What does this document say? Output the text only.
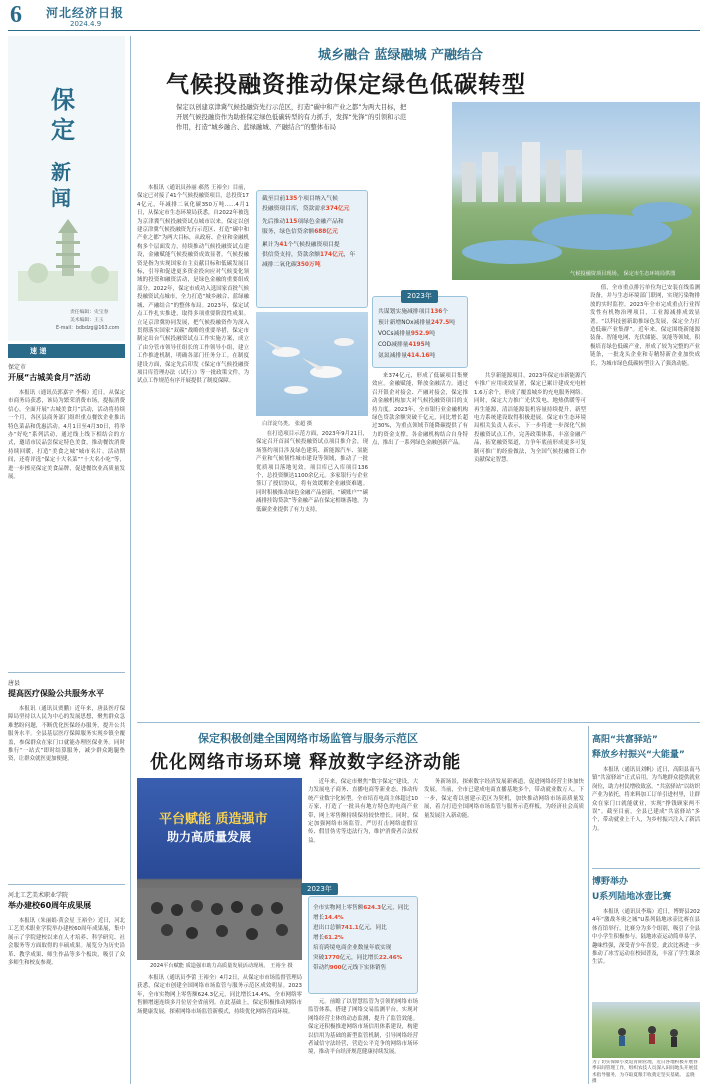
6 河北经济日报
2024.4.9
保
定
新
闻
责任编辑：史宝春
美术编辑：王玉
E-mail：bdbdzg@163.com
速 递
保定市
开展“古城美食月”活动
本报讯（通讯员郭嘉宇 李梅）近日，从保定市商务局获悉，该局为繁荣消费市场，提振消费信心，全面开展“古城美食月”活动，活动将持续一个月，各区县商务部门组织重点餐饮企业推出特色菜品和优惠活动。4月1日至4月30日，将举办“好吃”系列活动，通过线上线下相结合的方式，邀请市民品尝保定特色美食，推动餐饮消费持续回暖，打造“美食之城”城市名片。活动期间，还将评选“保定十大名菜”“十大名小吃”等，进一步擦亮保定美食品牌，促进餐饮业高质量发展。
唐县
提高医疗保险公共服务水平
本报讯（通讯员贾鹏）近年来，唐县医疗保障局坚持以人民为中心的发展思想，聚焦群众急难愁盼问题，不断优化医保经办服务，提升公共服务水平。全县基层医疗保障服务实现乡镇全覆盖，参保群众在家门口就能办理医保业务。同时推行“一站式”即时结算服务，减少群众跑腿垫资，让群众就医更加便捷。
河北工艺美术职业学院
举办建校60周年成果展
本报讯（朱丽娟·黄会星 王裕全）近日，河北工艺美术职业学院举办建校60周年成果展，集中展示了学院建校以来在人才培养、科学研究、社会服务等方面取得的丰硕成果。展览分为历史沿革、教学成果、师生作品等多个板块，吸引了众多师生和校友参观。
城乡融合 蓝绿融城 产融结合
气候投融资推动保定绿色低碳转型
保定以创建京津冀气候投融资先行示范区，打造“碳中和产业之都”为两大目标，把开展气候投融资作为助推保定绿色低碳转型的有力抓手，发挥“先锋”的引领和示范作用，打造“城乡融合、蓝绿融城、产融结合”的整体布局
气候投融资项目现场。 保定市生态环境局供图
本报讯（通讯员孙丽 郝然 王裕全）目前，保定已对接了41个气候投融资项目，总投资174亿元，年减排二氧化碳350万吨……4月1日，从保定市生态环境局获悉，自2022年被选为京津冀气候投融资试点城市以来，保定以创建京津冀气候投融资先行示范区、打造“碳中和产业之都”为两大目标，从政府、企业和金融机构多个层面发力，持续推动气候投融资试点建设，金融赋能气候投融资成效显著。气候投融资是指为实现国家自主贡献目标和低碳发展目标，引导和促进更多资金投向应对气候变化领域的投资和融资活动，是绿色金融的重要组成部分。2022年，保定市成功入选国家首批气候投融资试点城市，全力打造“城乡融合、蓝绿融城、产融结合”的整体布局。2023年，保定试点工作扎实推进，取得多项重要阶段性成果。立足京津冀协同发展，把气候投融资作为深入贯彻落实国家“双碳”战略的重要举措，保定市制定出台气候投融资试点工作实施方案，成立了由分管市领导任组长的工作领导小组，建立工作推进机制，明确各部门任务分工。在制度建设方面，保定先后印发《保定市气候投融资项目库管理办法（试行）》等一批政策文件，为试点工作规范有序开展提供了制度保障。
截至目前135个项目纳入气候
投融资项目库，贷款需求374亿元
先后推动115项绿色金融产品和
服务，绿色信贷余额688亿元
累计为41个气候投融资项目提
供信贷支持，贷款余额174亿元，年
减排二氧化碳350万吨
2023年
共谋划实施减排项目136个
预计新增NOx减排量247.5吨
VOCs减排量952.9吨
COD减排量4195吨
氨氮减排量414.16吨
白洋淀鸟类。 张超 摄
在打造项目示范方面，2023年9月21日，保定召开首届气候投融资试点项目推介会，现场签约项目涉及绿色建筑、新能源汽车、氢能产业和气候韧性城市建设等领域，推动了一批优质项目落地见效。项目库已入库项目136个，总投资额达1100余亿元。多家银行与企业签订了授信协议，将有效缓解企业融资难题。同时积极推动绿色金融产品创新，“碳账户”“碳减排挂钩贷款”等金融产品在保定相继落地，为低碳企业提供了有力支持。
来374亿元，形成了低碳项目集聚效应。金融赋能，释放金融活力。通过召开银企对接会、产融对接会，保定推动金融机构加大对气候投融资项目的支持力度。2023年，全市银行业金融机构绿色贷款余额突破千亿元，同比增长超过30%，为重点领域节能降碳提供了有力的资金支撑。各金融机构结合自身特点，推出了一系列绿色金融创新产品。
共享新能源项目，2023年保定市新能源汽车推广应用成效显著，保定已累计建成充电桩1.6万余个，形成了覆盖城乡的充电服务网络。同时，保定大力推广光伏发电、地热供暖等可再生能源，清洁能源装机容量持续提升，新型电力系统建设取得积极进展。保定市生态环境局相关负责人表示，下一步将进一步深化气候投融资试点工作，完善政策体系，丰富金融产品，拓宽融资渠道，力争年底前形成更多可复制可推广的经验做法，为全国气候投融资工作贡献保定智慧。
值，全市重点排污单位均已安装在线监测设备，并与生态环境部门联网，实现污染物排放的实时监控。2023年全市完成重点行业挥发性有机物治理项目，工业源减排成效显著。“以科技创新助推绿色发展，保定全力打造低碳产业集群”。近年来，保定围绕新能源装备、智能电网、光伏储能、氢能等领域，积极培育绿色低碳产业，形成了较为完整的产业链条，一批龙头企业和专精特新企业加快成长，为城市绿色低碳转型注入了强劲动能。
保定积极创建全国网络市场监管与服务示范区
优化网络市场环境 释放数字经济动能
平台赋能 质造强市
助力高质量发展
2024平台赋能 质造强市助力高质量发展活动现场。 王裕全 摄
2023年
全市实物网上零售额624.3亿元，同比增长14.4%
进出口总额741.1亿元，同比
增长61.2%
培育跨境电商企业数量年底实现
突破1770亿元，同比增长22.46%
带动约900亿元线下实体销售
本报讯（通讯员李蕾 王裕全）4月2日，从保定市市场监督管理局获悉，保定市创建全国网络市场监管与服务示范区成效明显。2023年，全市实物网上零售额624.3亿元，同比增长14.4%，全市网络零售额增速连续多月位居全省前列。在此基础上，保定积极推动网络市场健康发展，探索网络市场监管新模式，持续优化网络营商环境。
近年来，保定市聚焦“数字保定”建设，大力发展电子商务、直播电商等新业态，推动传统产业数字化转型。全市培育电商主体超过10万家，打造了一批具有地方特色的电商产业带，网上零售额持续保持较快增长。同时，保定加强网络市场监管，严厉打击网络虚假宣传、假冒伪劣等违法行为，维护消费者合法权益。
元。前瞻了以智慧监管为引领的网络市场监管体系，搭建了网络交易监测平台，实现对网络经营主体的动态监测，提升了监管效能。保定还积极推进网络市场信用体系建设，构建以信用为基础的新型监管机制，引导网络经营者诚信守法经营，营造公平竞争的网络市场环境，推动平台经济规范健康持续发展。
务新场景，探索数字经济发展新赛道，促进网络经营主体加快发展。当前，全市已建成电商直播基地多个，带动就业数万人。下一步，保定将以创建示范区为契机，加快推动网络市场高质量发展，着力打造全国网络市场监管与服务示范样板，为经济社会高质量发展注入新动能。
高阳“共富驿站”
释放乡村振兴“大能量”
本报讯（通讯员刘帆）近日，高阳县南马镇“共富驿站”正式启用，为当地群众提供就业岗位，助力村民增收致富。“共富驿站”以纺织产业为依托，将来料加工订单引进村里，让群众在家门口就能就业，实现“挣钱顾家两不误”。截至目前，全县已建成“共富驿站”多个，带动就业上千人，为乡村振兴注入了新活力。
博野举办
U系列陆地冰壶比赛
本报讯（通讯员李瑞）近日，博野县2024年“激战冬奥之城”U系列陆地冰壶比赛在县体育馆举行。比赛分为多个组别，吸引了全县中小学生积极参与。陆地冰壶运动简单易学，趣味性强，深受青少年喜爱。此次比赛进一步推动了冰雪运动在校园普及，丰富了学生课余生活。
为了切实保障小麦返青期管理，近日各地积极开展春季田间管理工作，组织农技人员深入田间地头开展技术指导服务，为夺取夏粮丰收奠定坚实基础。 孟晓 摄
